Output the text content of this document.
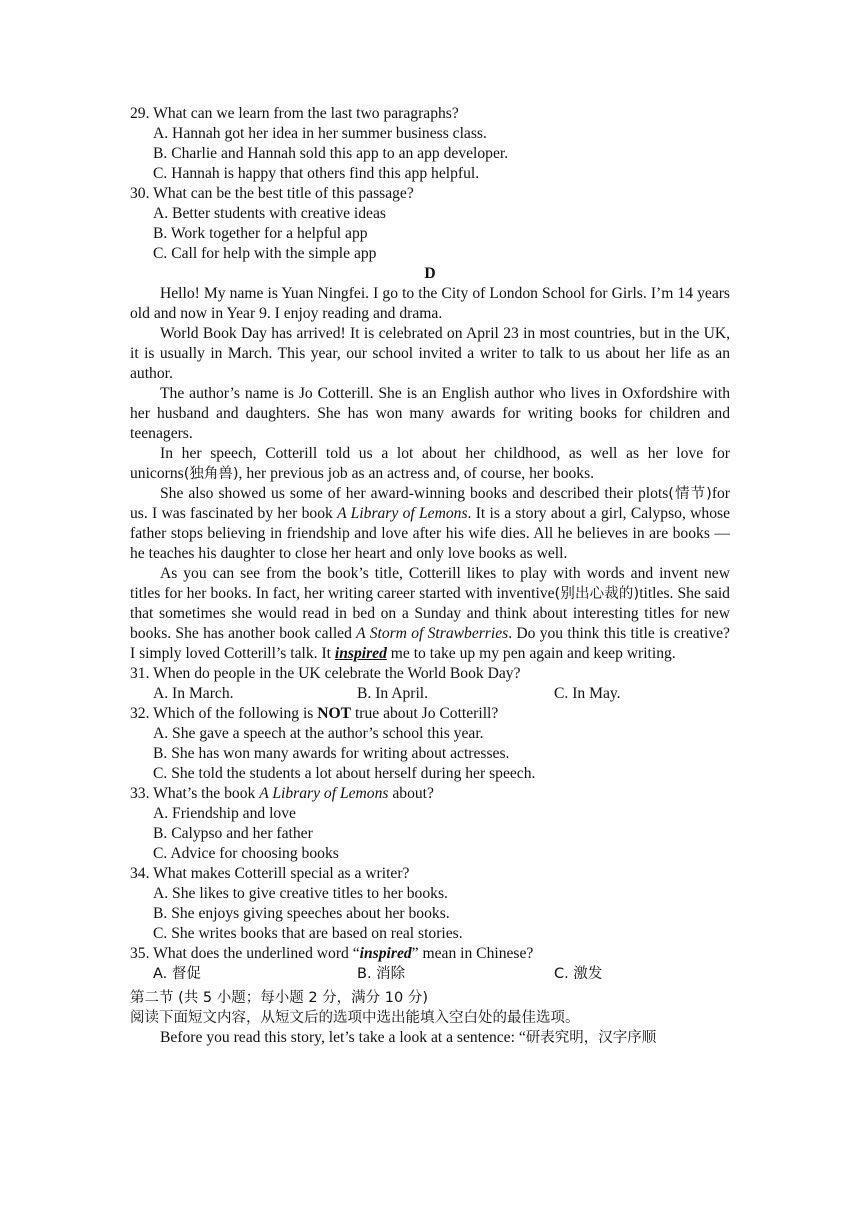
29. What can we learn from the last two paragraphs?
A. Hannah got her idea in her summer business class.
B. Charlie and Hannah sold this app to an app developer.
C. Hannah is happy that others find this app helpful.
30. What can be the best title of this passage?
A. Better students with creative ideas
B. Work together for a helpful app
C. Call for help with the simple app
D

Hello! My name is Yuan Ningfei. I go to the City of London School for Girls. I’m 14 years old and now in Year 9. I enjoy reading and drama.

World Book Day has arrived! It is celebrated on April 23 in most countries, but in the UK, it is usually in March. This year, our school invited a writer to talk to us about her life as an author.

The author’s name is Jo Cotterill. She is an English author who lives in Oxfordshire with her husband and daughters. She has won many awards for writing books for children and teenagers.

In her speech, Cotterill told us a lot about her childhood, as well as her love for unicorns(独角兽), her previous job as an actress and, of course, her books.

She also showed us some of her award-winning books and described their plots(情节)for us. I was fascinated by her book A Library of Lemons. It is a story about a girl, Calypso, whose father stops believing in friendship and love after his wife dies. All he believes in are books — he teaches his daughter to close her heart and only love books as well.

As you can see from the book’s title, Cotterill likes to play with words and invent new titles for her books. In fact, her writing career started with inventive(别出心裁的)titles. She said that sometimes she would read in bed on a Sunday and think about interesting titles for new books. She has another book called A Storm of Strawberries. Do you think this title is creative? I simply loved Cotterill’s talk. It inspired me to take up my pen again and keep writing.

31. When do people in the UK celebrate the World Book Day?
A. In March.	B. In April.	C. In May.
32. Which of the following is NOT true about Jo Cotterill?
A. She gave a speech at the author’s school this year.
B. She has won many awards for writing about actresses.
C. She told the students a lot about herself during her speech.
33. What’s the book A Library of Lemons about?
A. Friendship and love
B. Calypso and her father
C. Advice for choosing books
34. What makes Cotterill special as a writer?
A. She likes to give creative titles to her books.
B. She enjoys giving speeches about her books.
C. She writes books that are based on real stories.
35. What does the underlined word “inspired” mean in Chinese?
A. 督促	B. 消除	C. 激发
第二节 (共 5 小题；每小题 2 分，满分 10 分)
阅读下面短文内容，从短文后的选项中选出能填入空白处的最佳选项。

Before you read this story, let’s take a look at a sentence: “研表究明，汉字序顺
